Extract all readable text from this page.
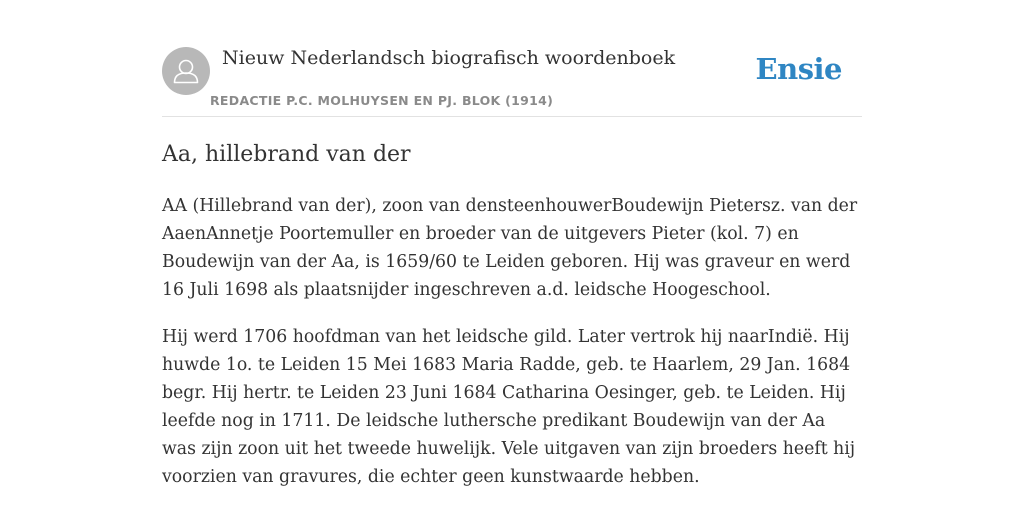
Nieuw Nederlandsch biografisch woordenboek
REDACTIE P.C. MOLHUYSEN EN PJ. BLOK (1914)
Ensie
Aa, hillebrand van der

AA (Hillebrand van der), zoon van densteenhouwerBoudewijn Pietersz. van der AaenAnnetje Poortemuller en broeder van de uitgevers Pieter (kol. 7) en Boudewijn van der Aa, is 1659/60 te Leiden geboren. Hij was graveur en werd 16 Juli 1698 als plaatsnijder ingeschreven a.d. leidsche Hoogeschool.

Hij werd 1706 hoofdman van het leidsche gild. Later vertrok hij naarIndië. Hij huwde 1o. te Leiden 15 Mei 1683 Maria Radde, geb. te Haarlem, 29 Jan. 1684 begr. Hij hertr. te Leiden 23 Juni 1684 Catharina Oesinger, geb. te Leiden. Hij leefde nog in 1711. De leidsche luthersche predikant Boudewijn van der Aa was zijn zoon uit het tweede huwelijk. Vele uitgaven van zijn broeders heeft hij voorzien van gravures, die echter geen kunstwaarde hebben.
